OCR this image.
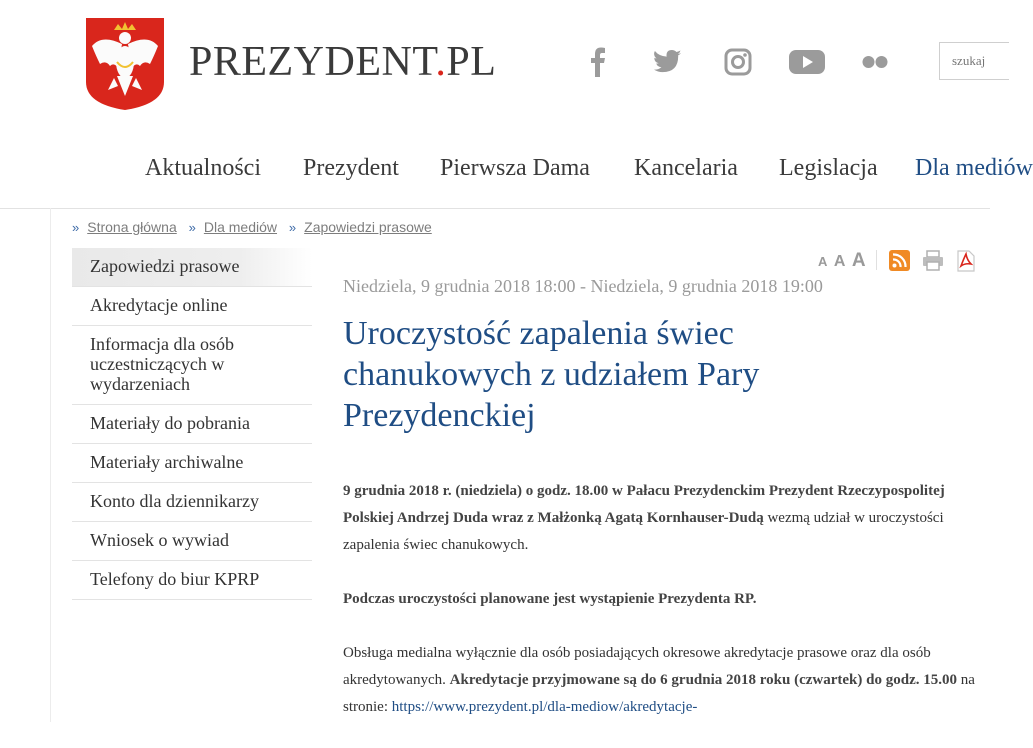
PREZYDENT.PL
szukaj
Aktualności Prezydent Pierwsza Dama Kancelaria Legislacja Dla mediów
» Strona główna » Dla mediów » Zapowiedzi prasowe
Zapowiedzi prasowe
Akredytacje online
Informacja dla osób uczestniczących w wydarzeniach
Materiały do pobrania
Materiały archiwalne
Konto dla dziennikarzy
Wniosek o wywiad
Telefony do biur KPRP
A A A
Niedziela, 9 grudnia 2018 18:00 - Niedziela, 9 grudnia 2018 19:00
Uroczystość zapalenia świec chanukowych z udziałem Pary Prezydenckiej

9 grudnia 2018 r. (niedziela) o godz. 18.00 w Pałacu Prezydenckim Prezydent Rzeczypospolitej Polskiej Andrzej Duda wraz z Małżonką Agatą Kornhauser-Dudą wezmą udział w uroczystości zapalenia świec chanukowych.

Podczas uroczystości planowane jest wystąpienie Prezydenta RP.

Obsługa medialna wyłącznie dla osób posiadających okresowe akredytacje prasowe oraz dla osób akredytowanych. Akredytacje przyjmowane są do 6 grudnia 2018 roku (czwartek) do godz. 15.00 na stronie: https://www.prezydent.pl/dla-mediow/akredytacje-
